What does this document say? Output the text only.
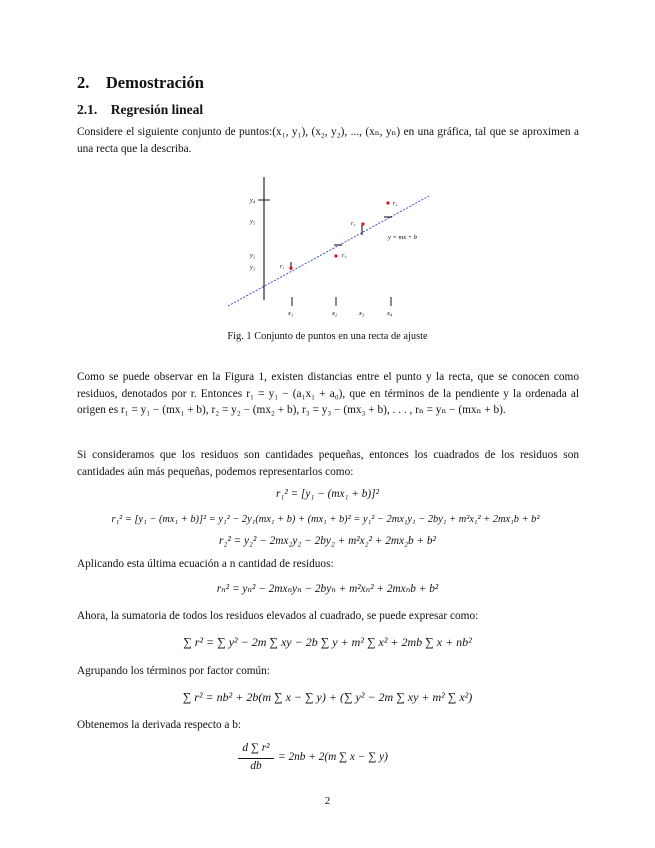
2. Demostración
2.1. Regresión lineal
Considere el siguiente conjunto de puntos:(x₁, y₁), (x₂, y₂), ..., (xₙ, yₙ) en una gráfica, tal que se aproximen a una recta que la describa.
y₄
y₃
y₂
y₁
x₁	x₂	x₃	x₄
r₁
r₂
r₃
r₄
y = mx + b
Fig. 1 Conjunto de puntos en una recta de ajuste
Como se puede observar en la Figura 1, existen distancias entre el punto y la recta, que se conocen como residuos, denotados por r. Entonces r₁ = y₁ − (a₁x₁ + a₀), que en términos de la pendiente y la ordenada al origen es r₁ = y₁ − (mx₁ + b), r₂ = y₂ − (mx₂ + b), r₃ = y₃ − (mx₃ + b), . . . , rₙ = yₙ − (mxₙ + b).
Si consideramos que los residuos son cantidades pequeñas, entonces los cuadrados de los residuos son cantidades aún más pequeñas, podemos representarlos como:
r₁² = [y₁ − (mx₁ + b)]²
r₁² = [y₁ − (mx₁ + b)]² = y₁² − 2y₁(mx₁ + b) + (mx₁ + b)² = y₁² − 2mx₁y₁ − 2by₁ + m²x₁² + 2mx₁b + b²
r₂² = y₂² − 2mx₂y₂ − 2by₂ + m²x₂² + 2mx₂b + b²
Aplicando esta última ecuación a n cantidad de residuos:
rₙ² = yₙ² − 2mxₙyₙ − 2byₙ + m²xₙ² + 2mxₙb + b²
Ahora, la sumatoria de todos los residuos elevados al cuadrado, se puede expresar como:
∑ r² = ∑ y² − 2m ∑ xy − 2b ∑ y + m² ∑ x² + 2mb ∑ x + nb²
Agrupando los términos por factor común:
∑ r² = nb² + 2b(m ∑ x − ∑ y) + (∑ y² − 2m ∑ xy + m² ∑ x²)
Obtenemos la derivada respecto a b:
d ∑ r²
db
= 2nb + 2(m ∑ x − ∑ y)
2
